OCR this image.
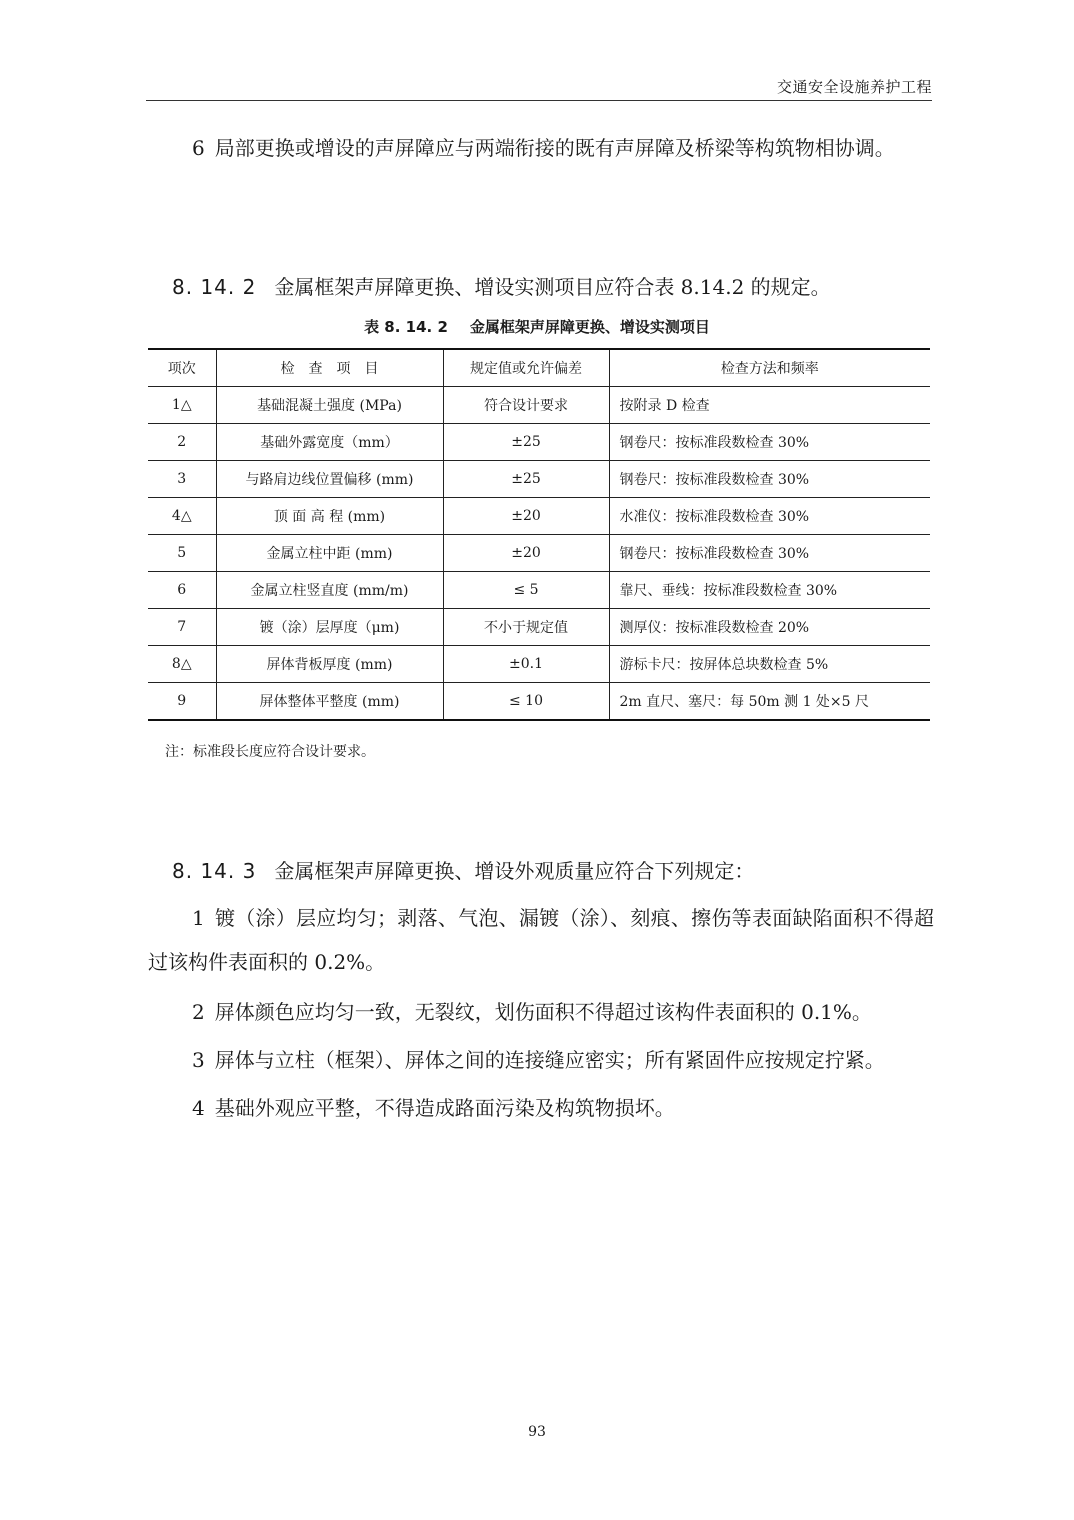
交通安全设施养护工程

6 局部更换或增设的声屏障应与两端衔接的既有声屏障及桥梁等构筑物相协调。

8. 14. 2 金属框架声屏障更换、增设实测项目应符合表 8.14.2 的规定。
表 8. 14. 2 金属框架声屏障更换、增设实测项目
项次	检　查　项　目	规定值或允许偏差	检查方法和频率
1△	基础混凝土强度 (MPa)	符合设计要求	按附录 D 检查
2	基础外露宽度（mm）	±25	钢卷尺：按标准段数检查 30%
3	与路肩边线位置偏移 (mm)	±25	钢卷尺：按标准段数检查 30%
4△	顶 面 高 程 (mm)	±20	水准仪：按标准段数检查 30%
5	金属立柱中距 (mm)	±20	钢卷尺：按标准段数检查 30%
6	金属立柱竖直度 (mm/m)	≤ 5	靠尺、垂线：按标准段数检查 30%
7	镀（涂）层厚度（μm)	不小于规定值	测厚仪：按标准段数检查 20%
8△	屏体背板厚度 (mm)	±0.1	游标卡尺：按屏体总块数检查 5%
9	屏体整体平整度 (mm)	≤ 10	2m 直尺、塞尺：每 50m 测 1 处×5 尺
注：标准段长度应符合设计要求。
8. 14. 3 金属框架声屏障更换、增设外观质量应符合下列规定：

1 镀（涂）层应均匀；剥落、气泡、漏镀（涂）、刻痕、擦伤等表面缺陷面积不得超过该构件表面积的 0.2%。

2 屏体颜色应均匀一致，无裂纹，划伤面积不得超过该构件表面积的 0.1%。

3 屏体与立柱（框架）、屏体之间的连接缝应密实；所有紧固件应按规定拧紧。

4 基础外观应平整，不得造成路面污染及构筑物损坏。

93
